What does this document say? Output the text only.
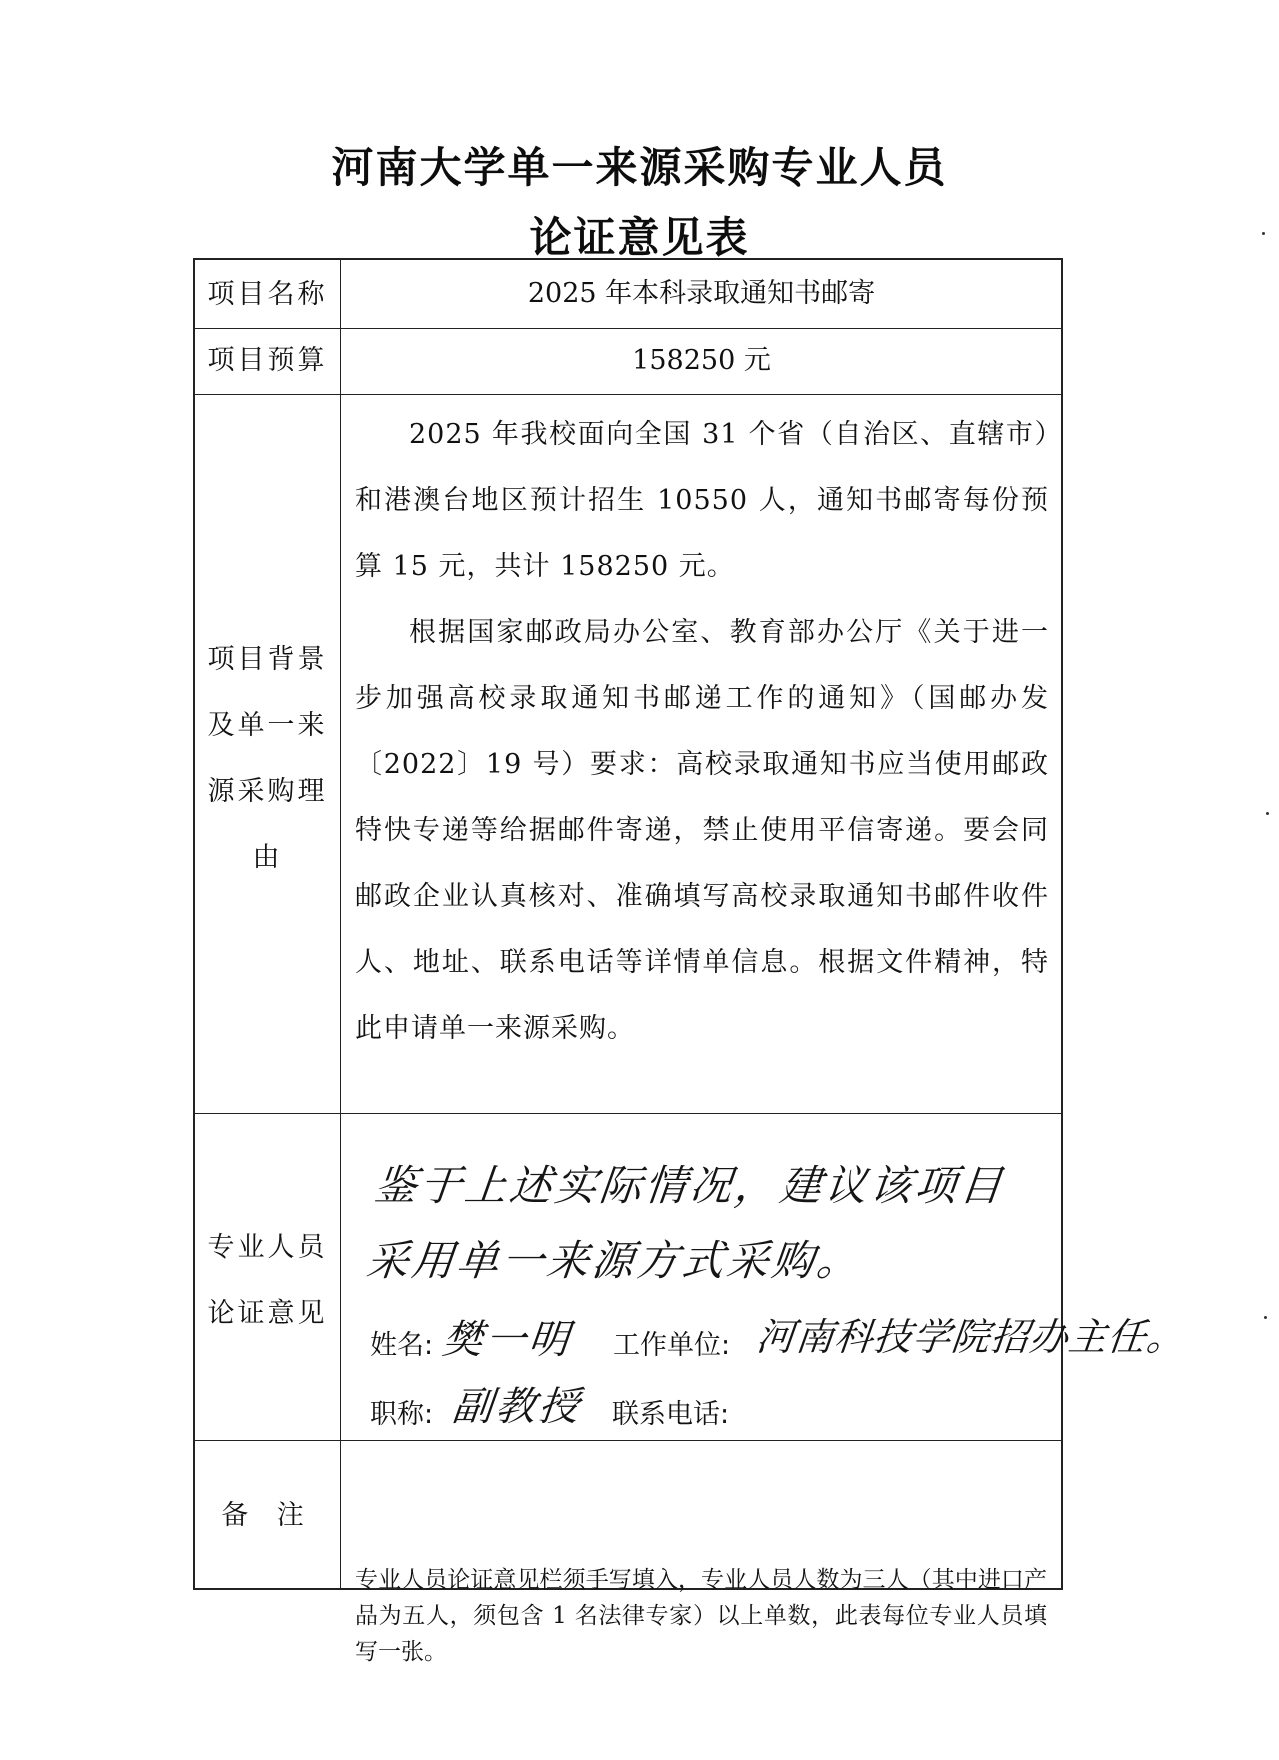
河南大学单一来源采购专业人员
论证意见表
项目名称	2025 年本科录取通知书邮寄
项目预算	158250 元
项目背景
及单一来
源采购理
由

2025 年我校面向全国 31 个省（自治区、直辖市）和港澳台地区预计招生 10550 人，通知书邮寄每份预算 15 元，共计 158250 元。

根据国家邮政局办公室、教育部办公厅《关于进一步加强高校录取通知书邮递工作的通知》（国邮办发〔2022〕19 号）要求：高校录取通知书应当使用邮政特快专递等给据邮件寄递，禁止使用平信寄递。要会同邮政企业认真核对、准确填写高校录取通知书邮件收件人、地址、联系电话等详情单信息。根据文件精神，特此申请单一来源采购。

专业人员
论证意见
鉴于上述实际情况，建议该项目
采用单一来源方式采购。
姓名: 樊一明 工作单位: 河南科技学院招办主任。
职称: 副教授 联系电话:
备 注
专业人员论证意见栏须手写填入，专业人员人数为三人（其中进口产品为五人，须包含 1 名法律专家）以上单数，此表每位专业人员填写一张。
